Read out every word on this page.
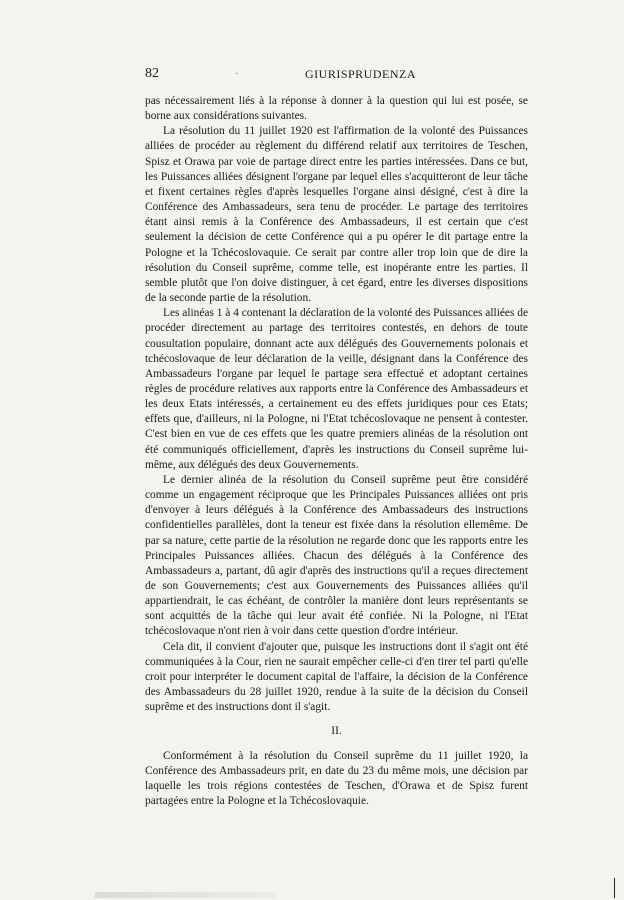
82	·	GIURISPRUDENZA

pas nécessairement liés à la réponse à donner à la question qui lui est posée, se borne aux considérations suivantes.

La résolution du 11 juillet 1920 est l'affirmation de la volonté des Puissances alliées de procéder au règlement du différend relatif aux territoires de Teschen, Spisz et Orawa par voie de partage direct entre les parties intéressées. Dans ce but, les Puissances alliées désignent l'organe par lequel elles s'acquitteront de leur tâche et fixent certaines règles d'après lesquelles l'organe ainsi désigné, c'est à dire la Conférence des Ambassadeurs, sera tenu de procéder. Le partage des territoires étant ainsi remis à la Conférence des Ambassadeurs, il est certain que c'est seulement la décision de cette Conférence qui a pu opérer le dit partage entre la Pologne et la Tchécoslovaquie. Ce serait par contre aller trop loin que de dire la résolution du Conseil suprême, comme telle, est inopérante entre les parties. Il semble plutôt que l'on doive distinguer, à cet égard, entre les diverses dispositions de la seconde partie de la résolution.

Les alinéas 1 à 4 contenant la déclaration de la volonté des Puissances alliées de procéder directement au partage des territoires contestés, en dehors de toute cousultation populaire, donnant acte aux délégués des Gouvernements polonais et tchécoslovaque de leur déclaration de la veille, désignant dans la Conférence des Ambassadeurs l'organe par lequel le partage sera effectué et adoptant certaines règles de procédure relatives aux rapports entre la Conférence des Ambassadeurs et les deux Etats intéressés, a certainement eu des effets juridiques pour ces Etats; effets que, d'ailleurs, ni la Pologne, ni l'Etat tchécoslovaque ne pensent à contester. C'est bien en vue de ces effets que les quatre premiers alinéas de la résolution ont été communiqués officiellement, d'après les instructions du Conseil suprême lui-même, aux délégués des deux Gouvernements.

Le dernier alinéa de la résolution du Conseil suprême peut être considéré comme un engagement réciproque que les Principales Puissances alliées ont pris d'envoyer à leurs délégués à la Conférence des Ambassadeurs des instructions confidentielles parallèles, dont la teneur est fixée dans la résolution ellemême. De par sa nature, cette partie de la résolution ne regarde donc que les rapports entre les Principales Puissances alliées. Chacun des délégués à la Conférence des Ambassadeurs a, partant, dû agir d'après des instructions qu'il a reçues directement de son Gouvernements; c'est aux Gouvernements des Puissances alliées qu'il appartiendrait, le cas échéant, de contrôler la manière dont leurs représentants se sont acquittés de la tâche qui leur avait été confiée. Ni la Pologne, ni l'Etat tchécoslovaque n'ont rien à voir dans cette question d'ordre intérieur.

Cela dit, il convient d'ajouter que, puisque les instructions dont il s'agit ont été communiquées à la Cour, rien ne saurait empêcher celle-ci d'en tirer tel parti qu'elle croit pour interpréter le document capital de l'affaire, la décision de la Conférence des Ambassadeurs du 28 juillet 1920, rendue à la suite de la décision du Conseil suprême et des instructions dont il s'agit.

II.

Conformément à la résolution du Conseil suprême du 11 juillet 1920, la Conférence des Ambassadeurs prit, en date du 23 du même mois, une décision par laquelle les trois régions contestées de Teschen, d'Orawa et de Spisz furent partagées entre la Pologne et la Tchécoslovaquie.
